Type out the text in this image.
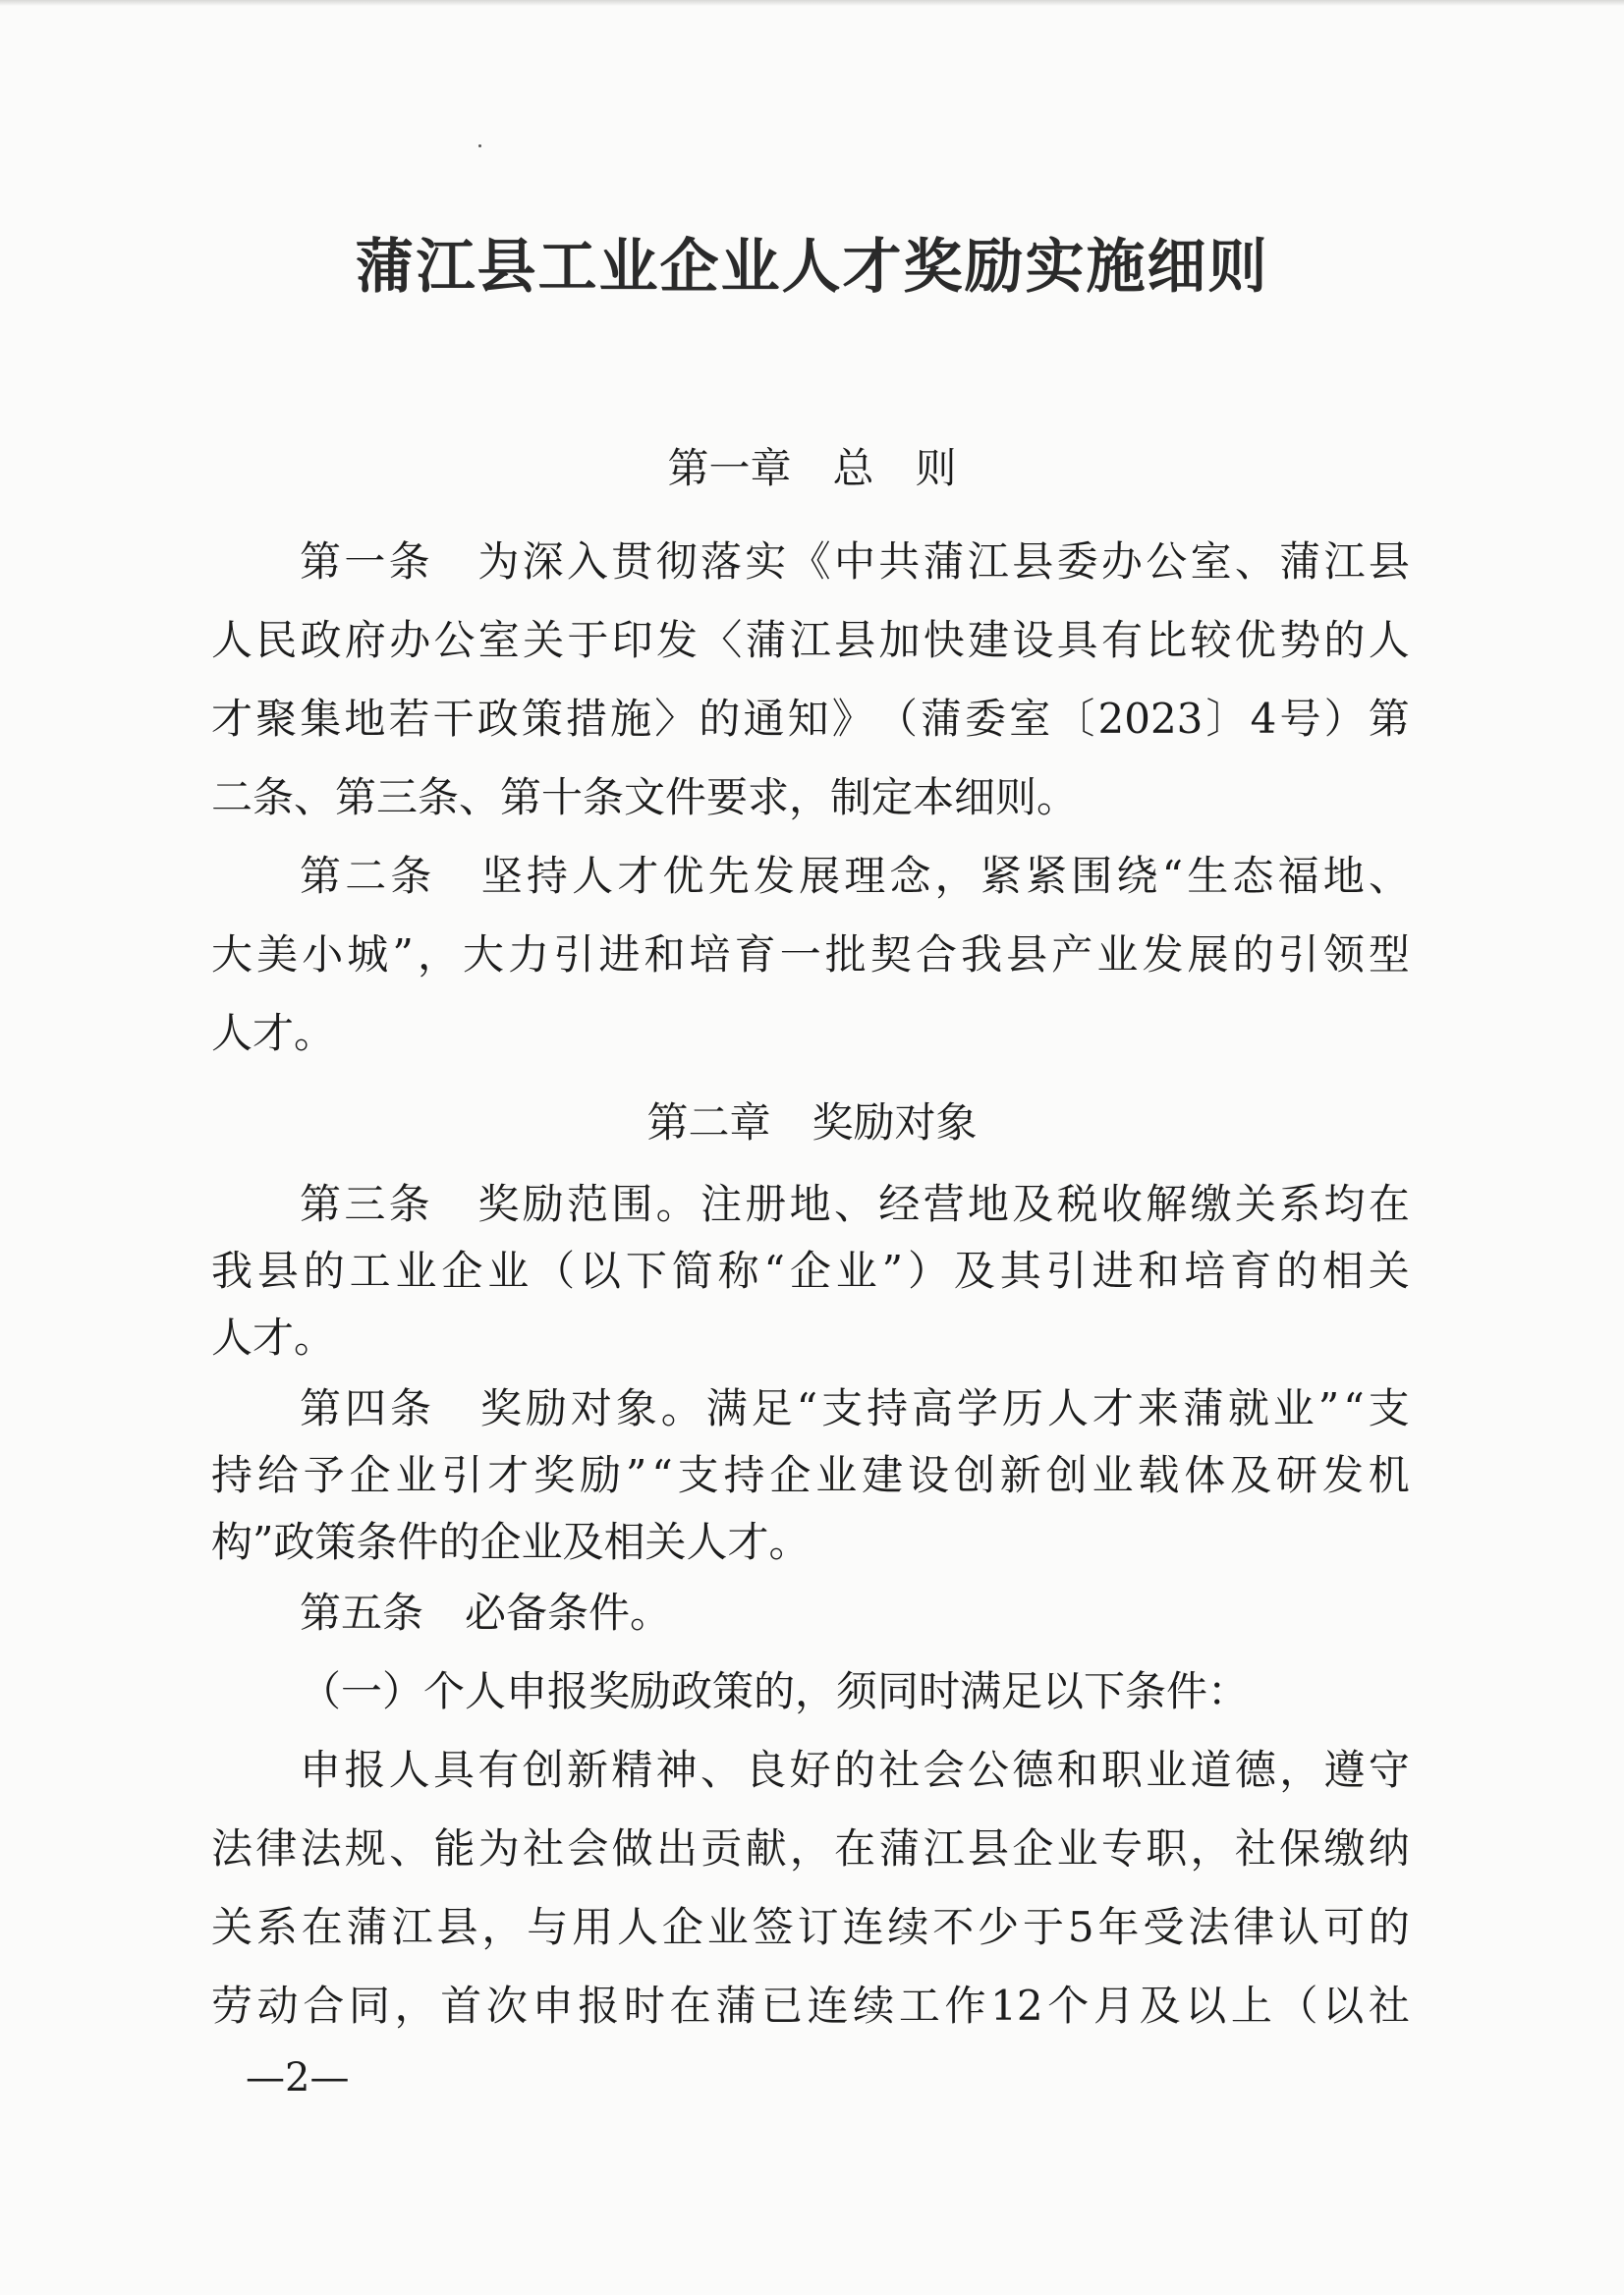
蒲江县工业企业人才奖励实施细则
第一章　总　则
第 一 条
　 为 深 入 贯 彻 落 实 《 中 共 蒲 江 县 委 办 公 室 、 蒲 江 县
人 民 政 府 办 公 室 关 于 印 发 〈 蒲 江 县 加 快 建 设 具 有 比 较 优 势 的 人
才 聚 集 地 若 干 政 策 措 施 〉 的 通 知 》 （ 蒲 委 室 〔 2023 〕 4 号 ） 第
二条、第三条、第十条文件要求，制定本细则。
第 二 条
　 坚 持 人 才 优 先 发 展 理 念 ， 紧 紧 围 绕 “ 生 态 福 地 、
大 美 小 城 ” ， 大 力 引 进 和 培 育 一 批 契 合 我 县 产 业 发 展 的 引 领 型
人才。
第二章　奖励对象
第 三 条
　 奖 励 范 围 。 注 册 地 、 经 营 地 及 税 收 解 缴 关 系 均 在
我 县 的 工 业 企 业 （ 以 下 简 称 “ 企 业 ” ） 及 其 引 进 和 培 育 的 相 关
人才。
第 四 条
　 奖 励 对 象 。 满 足 “ 支 持 高 学 历 人 才 来 蒲 就 业 ” “ 支
持 给 予 企 业 引 才 奖 励 ” “ 支 持 企 业 建 设 创 新 创 业 载 体 及 研 发 机
构”政策条件的企业及相关人才。
第五条　必备条件。
（一）个人申报奖励政策的，须同时满足以下条件：
申 报 人 具 有 创 新 精 神 、 良 好 的 社 会 公 德 和 职 业 道 德 ， 遵 守
法 律 法 规 、 能 为 社 会 做 出 贡 献 ， 在 蒲 江 县 企 业 专 职 ， 社 保 缴 纳
关 系 在 蒲 江 县 ， 与 用 人 企 业 签 订 连 续 不 少 于 5 年 受 法 律 认 可 的
劳 动 合 同 ， 首 次 申 报 时 在 蒲 已 连 续 工 作 12 个 月 及 以 上 （ 以 社
—2—
